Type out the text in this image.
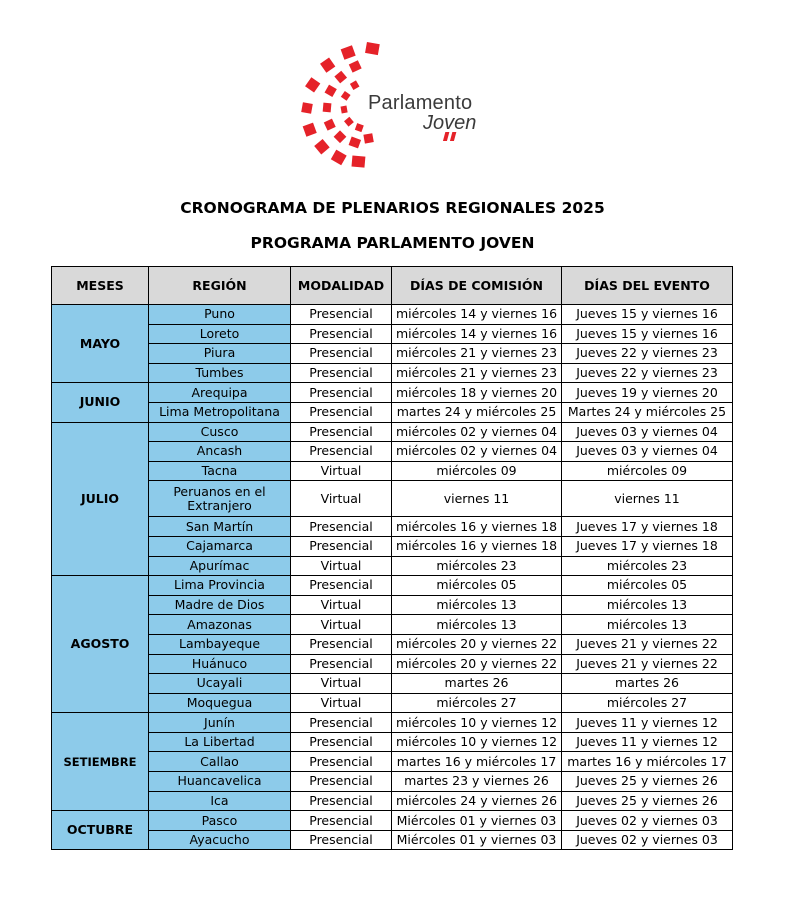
Parlamento
Joven
CRONOGRAMA DE PLENARIOS REGIONALES 2025
PROGRAMA PARLAMENTO JOVEN
MESES	REGIÓN	MODALIDAD	DÍAS DE COMISIÓN	DÍAS DEL EVENTO
MAYO	Puno	Presencial	miércoles 14 y viernes 16	Jueves 15 y viernes 16
	Loreto	Presencial	miércoles 14 y viernes 16	Jueves 15 y viernes 16
	Piura	Presencial	miércoles 21 y viernes 23	Jueves 22 y viernes 23
	Tumbes	Presencial	miércoles 21 y viernes 23	Jueves 22 y viernes 23
JUNIO	Arequipa	Presencial	miércoles 18 y viernes 20	Jueves 19 y viernes 20
	Lima Metropolitana	Presencial	martes 24 y miércoles 25	Martes 24 y miércoles 25
JULIO	Cusco	Presencial	miércoles 02 y viernes 04	Jueves 03 y viernes 04
	Ancash	Presencial	miércoles 02 y viernes 04	Jueves 03 y viernes 04
	Tacna	Virtual	miércoles 09	miércoles 09
	Peruanos en el Extranjero	Virtual	viernes 11	viernes 11
	San Martín	Presencial	miércoles 16 y viernes 18	Jueves 17 y viernes 18
	Cajamarca	Presencial	miércoles 16 y viernes 18	Jueves 17 y viernes 18
	Apurímac	Virtual	miércoles 23	miércoles 23
AGOSTO	Lima Provincia	Presencial	miércoles 05	miércoles 05
	Madre de Dios	Virtual	miércoles 13	miércoles 13
	Amazonas	Virtual	miércoles 13	miércoles 13
	Lambayeque	Presencial	miércoles 20 y viernes 22	Jueves 21 y viernes 22
	Huánuco	Presencial	miércoles 20 y viernes 22	Jueves 21 y viernes 22
	Ucayali	Virtual	martes 26	martes 26
	Moquegua	Virtual	miércoles 27	miércoles 27
SETIEMBRE	Junín	Presencial	miércoles 10 y viernes 12	Jueves 11 y viernes 12
	La Libertad	Presencial	miércoles 10 y viernes 12	Jueves 11 y viernes 12
	Callao	Presencial	martes 16 y miércoles 17	martes 16 y miércoles 17
	Huancavelica	Presencial	martes 23 y viernes 26	Jueves 25 y viernes 26
	Ica	Presencial	miércoles 24 y viernes 26	Jueves 25 y viernes 26
OCTUBRE	Pasco	Presencial	Miércoles 01 y viernes 03	Jueves 02 y viernes 03
	Ayacucho	Presencial	Miércoles 01 y viernes 03	Jueves 02 y viernes 03
